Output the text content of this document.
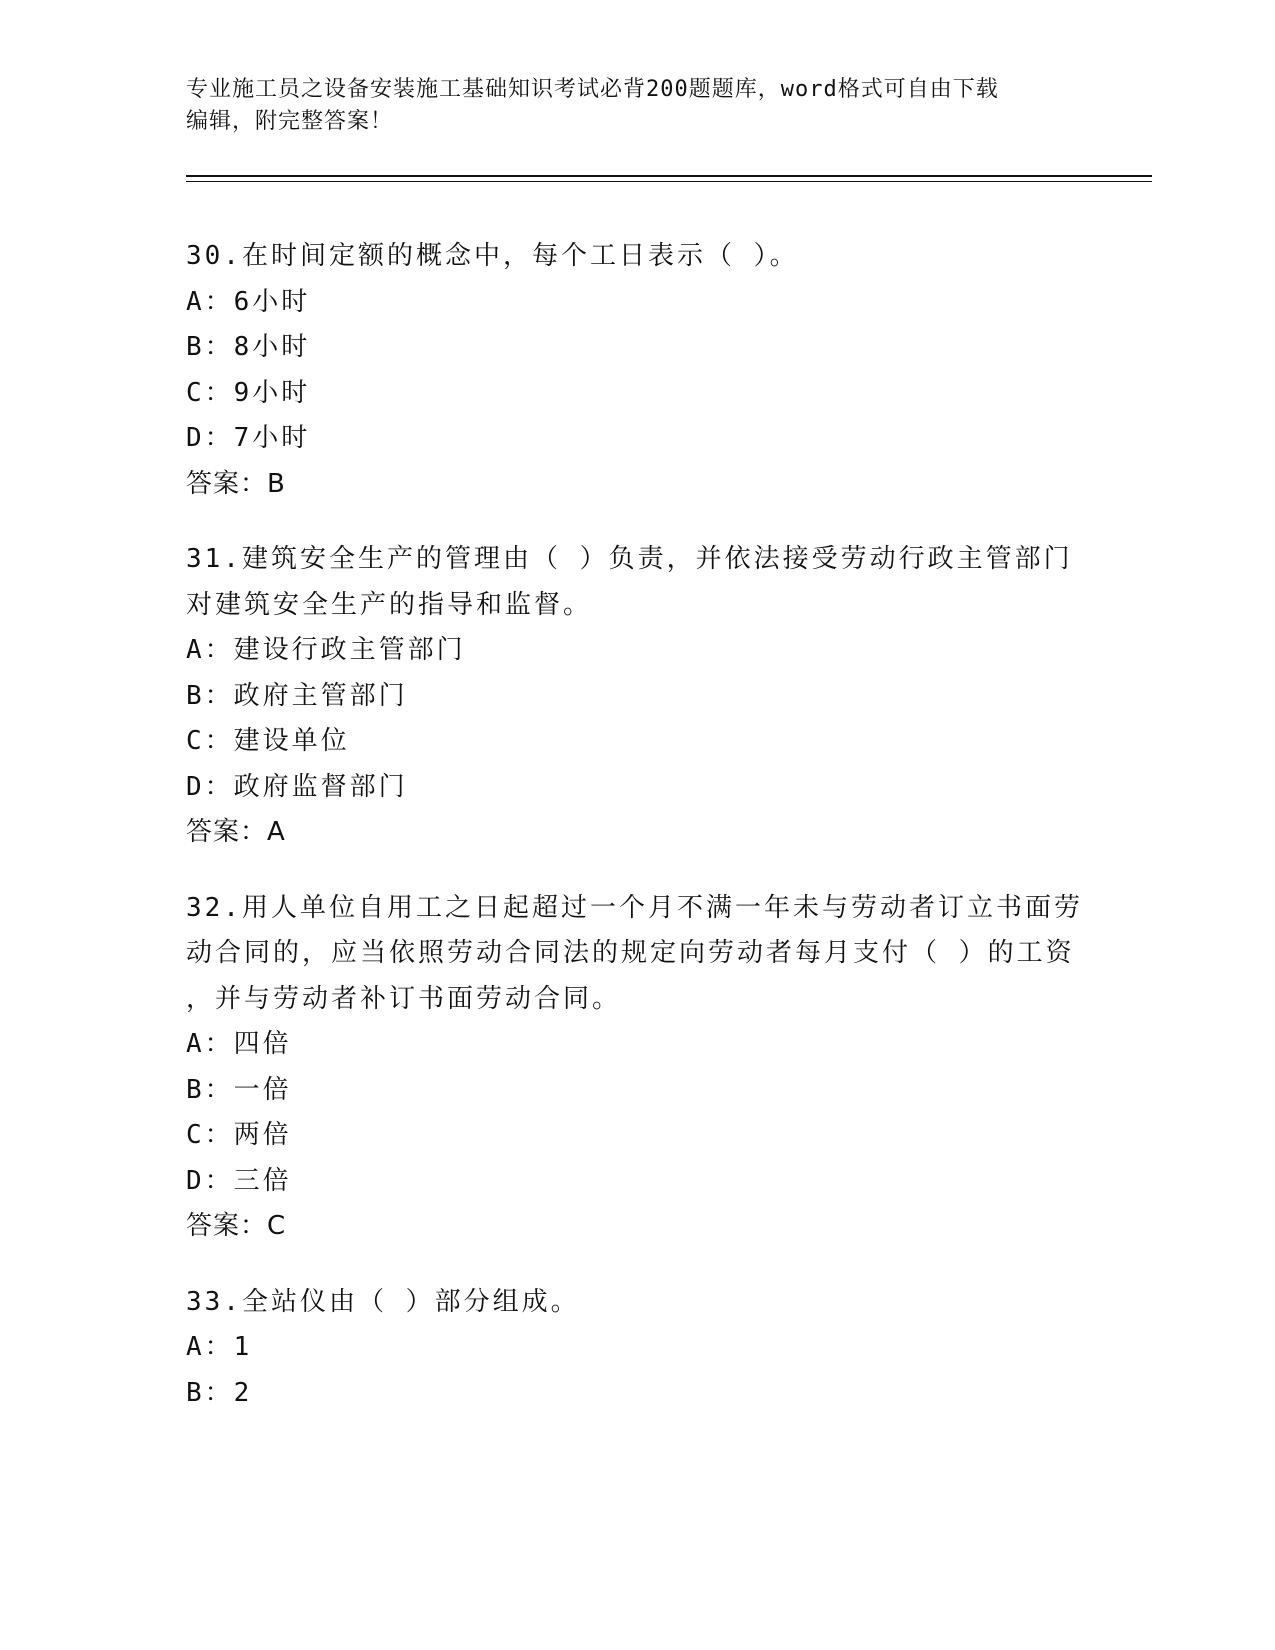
专业施工员之设备安装施工基础知识考试必背200题题库，word格式可自由下载
编辑，附完整答案！
30.在时间定额的概念中，每个工日表示（ ）。
A：6小时
B：8小时
C：9小时
D：7小时
答案：B
31.建筑安全生产的管理由（ ）负责，并依法接受劳动行政主管部门
对建筑安全生产的指导和监督。
A：建设行政主管部门
B：政府主管部门
C：建设单位
D：政府监督部门
答案：A
32.用人单位自用工之日起超过一个月不满一年未与劳动者订立书面劳
动合同的，应当依照劳动合同法的规定向劳动者每月支付（ ）的工资
，并与劳动者补订书面劳动合同。
A：四倍
B：一倍
C：两倍
D：三倍
答案：C
33.全站仪由（ ）部分组成。
A：1
B：2
